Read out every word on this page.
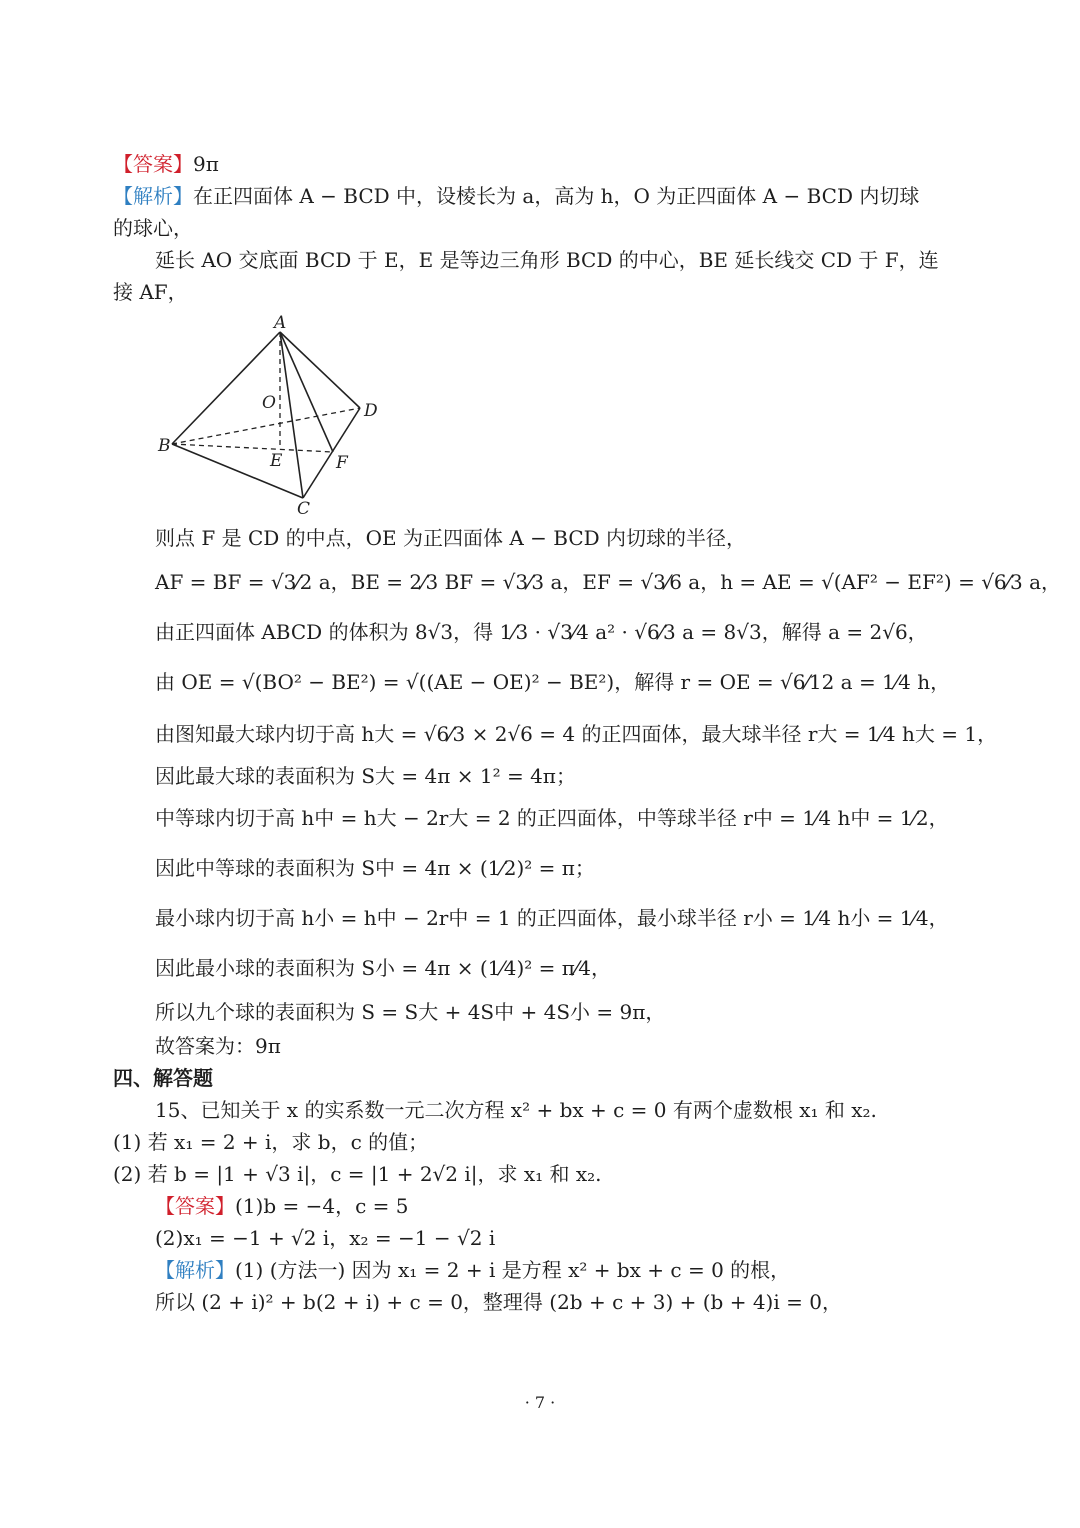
【答案】9π
【解析】在正四面体 A − BCD 中，设棱长为 a，高为 h，O 为正四面体 A − BCD 内切球
的球心，
延长 AO 交底面 BCD 于 E，E 是等边三角形 BCD 的中心，BE 延长线交 CD 于 F，连
接 AF，
A
B
C
D
E	F
O
则点 F 是 CD 的中点，OE 为正四面体 A − BCD 内切球的半径，
AF = BF = √3⁄2 a，BE = 2⁄3 BF = √3⁄3 a，EF = √3⁄6 a，h = AE = √(AF² − EF²) = √6⁄3 a，
由正四面体 ABCD 的体积为 8√3，得 1⁄3 · √3⁄4 a² · √6⁄3 a = 8√3，解得 a = 2√6，
由 OE = √(BO² − BE²) = √((AE − OE)² − BE²)，解得 r = OE = √6⁄12 a = 1⁄4 h，
由图知最大球内切于高 h大 = √6⁄3 × 2√6 = 4 的正四面体，最大球半径 r大 = 1⁄4 h大 = 1，
因此最大球的表面积为 S大 = 4π × 1² = 4π；
中等球内切于高 h中 = h大 − 2r大 = 2 的正四面体，中等球半径 r中 = 1⁄4 h中 = 1⁄2，
因此中等球的表面积为 S中 = 4π × (1⁄2)² = π；
最小球内切于高 h小 = h中 − 2r中 = 1 的正四面体，最小球半径 r小 = 1⁄4 h小 = 1⁄4，
因此最小球的表面积为 S小 = 4π × (1⁄4)² = π⁄4，
所以九个球的表面积为 S = S大 + 4S中 + 4S小 = 9π，
故答案为：9π
四、解答题
15、已知关于 x 的实系数一元二次方程 x² + bx + c = 0 有两个虚数根 x₁ 和 x₂.
(1) 若 x₁ = 2 + i，求 b，c 的值；
(2) 若 b = |1 + √3 i|，c = |1 + 2√2 i|，求 x₁ 和 x₂.
【答案】(1)b = −4，c = 5
(2)x₁ = −1 + √2 i，x₂ = −1 − √2 i
【解析】(1) (方法一) 因为 x₁ = 2 + i 是方程 x² + bx + c = 0 的根，
所以 (2 + i)² + b(2 + i) + c = 0，整理得 (2b + c + 3) + (b + 4)i = 0，
· 7 ·
